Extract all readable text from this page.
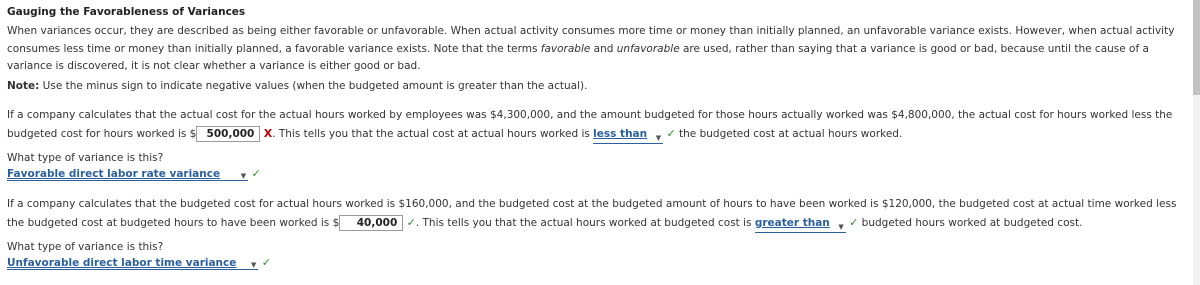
Gauging the Favorableness of Variances
When variances occur, they are described as being either favorable or unfavorable. When actual activity consumes more time or money than initially planned, an unfavorable variance exists. However, when actual activity consumes less time or money than initially planned, a favorable variance exists. Note that the terms favorable and unfavorable are used, rather than saying that a variance is good or bad, because until the cause of a variance is discovered, it is not clear whether a variance is either good or bad.
Note: Use the minus sign to indicate negative values (when the budgeted amount is greater than the actual).
If a company calculates that the actual cost for the actual hours worked by employees was $4,300,000, and the amount budgeted for those hours actually worked was $4,800,000, the actual cost for hours worked less the budgeted cost for hours worked is $ 500,000 X. This tells you that the actual cost at actual hours worked is less than ▼ ✓ the budgeted cost at actual hours worked.
What type of variance is this?
Favorable direct labor rate variance	▼ ✓
If a company calculates that the budgeted cost for actual hours worked is $160,000, and the budgeted cost at the budgeted amount of hours to have been worked is $120,000, the budgeted cost at actual time worked less the budgeted cost at budgeted hours to have been worked is $ 40,000 ✓. This tells you that the actual hours worked at budgeted cost is greater than ▼ ✓ budgeted hours worked at budgeted cost.
What type of variance is this?
Unfavorable direct labor time variance ▼ ✓
